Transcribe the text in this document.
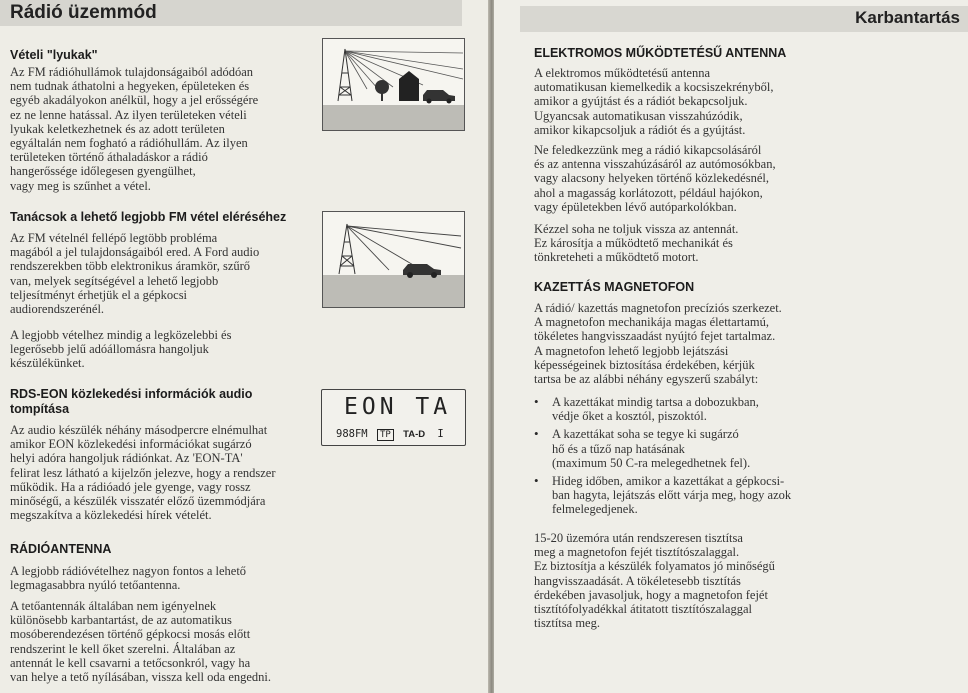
Rádió üzemmód
Vételi "lyukak"
Az FM rádióhullámok tulajdonságaiból adódóan
nem tudnak áthatolni a hegyeken, épületeken és
egyéb akadályokon anélkül, hogy a jel erősségére
ez ne lenne hatással. Az ilyen területeken vételi
lyukak keletkezhetnek és az adott területen
egyáltalán nem fogható a rádióhullám. Az ilyen
területeken történő áthaladáskor a rádió
hangerőssége időlegesen gyengülhet,
vagy meg is szűnhet a vétel.
Tanácsok a lehető legjobb FM vétel eléréséhez
Az FM vételnél fellépő legtöbb probléma
magából a jel tulajdonságaiból ered. A Ford audio
rendszerekben több elektronikus áramkör, szűrő
van, melyek segítségével a lehető legjobb
teljesítményt érhetjük el a gépkocsi
audiorendszerénél.
A legjobb vételhez mindig a legközelebbi és
legerősebb jelű adóállomásra hangoljuk
készülékünket.
RDS-EON közlekedési információk audio
tompítása
Az audio készülék néhány másodpercre elnémulhat
amikor EON közlekedési információkat sugárzó
helyi adóra hangoljuk rádiónkat. Az 'EON-TA'
felirat lesz látható a kijelzőn jelezve, hogy a rendszer
működik. Ha a rádióadó jele gyenge, vagy rossz
minőségű, a készülék visszatér előző üzemmódjára
megszakítva a közlekedési hírek vételét.
EON TA
988FM TP TA-D I
RÁDIÓANTENNA
A legjobb rádióvételhez nagyon fontos a lehető
legmagasabbra nyúló tetőantenna.
A tetőantennák általában nem igényelnek
különösebb karbantartást, de az automatikus
mosóberendezésen történő gépkocsi mosás előtt
rendszerint le kell őket szerelni. Általában az
antennát le kell csavarni a tetőcsonkról, vagy ha
van helye a tető nyílásában, vissza kell oda engedni.
Karbantartás
ELEKTROMOS MŰKÖDTETÉSŰ ANTENNA
A elektromos működtetésű antenna
automatikusan kiemelkedik a kocsiszekrényből,
amikor a gyújtást és a rádiót bekapcsoljuk.
Ugyancsak automatikusan visszahúzódik,
amikor kikapcsoljuk a rádiót és a gyújtást.
Ne feledkezzünk meg a rádió kikapcsolásáról
és az antenna visszahúzásáról az autómosókban,
vagy alacsony helyeken történő közlekedésnél,
ahol a magasság korlátozott, például hajókon,
vagy épületekben lévő autóparkolókban.
Kézzel soha ne toljuk vissza az antennát.
Ez károsítja a működtető mechanikát és
tönkreteheti a működtető motort.
KAZETTÁS MAGNETOFON
A rádió/ kazettás magnetofon precíziós szerkezet.
A magnetofon mechanikája magas élettartamú,
tökéletes hangvisszaadást nyújtó fejet tartalmaz.
A magnetofon lehető legjobb lejátszási
képességeinek biztosítása érdekében, kérjük
tartsa be az alábbi néhány egyszerű szabályt:
•	A kazettákat mindig tartsa a dobozukban,
védje őket a kosztól, piszoktól.
•	A kazettákat soha se tegye ki sugárzó
hő és a tűző nap hatásának
(maximum 50 C-ra melegedhetnek fel).
•	Hideg időben, amikor a kazettákat a gépkocsi-
ban hagyta, lejátszás előtt várja meg, hogy azok
felmelegedjenek.
15-20 üzemóra után rendszeresen tisztítsa
meg a magnetofon fejét tisztítószalaggal.
Ez biztosítja a készülék folyamatos jó minőségű
hangvisszaadását. A tökéletesebb tisztítás
érdekében javasoljuk, hogy a magnetofon fejét
tisztítófolyadékkal átitatott tisztítószalaggal
tisztítsa meg.
